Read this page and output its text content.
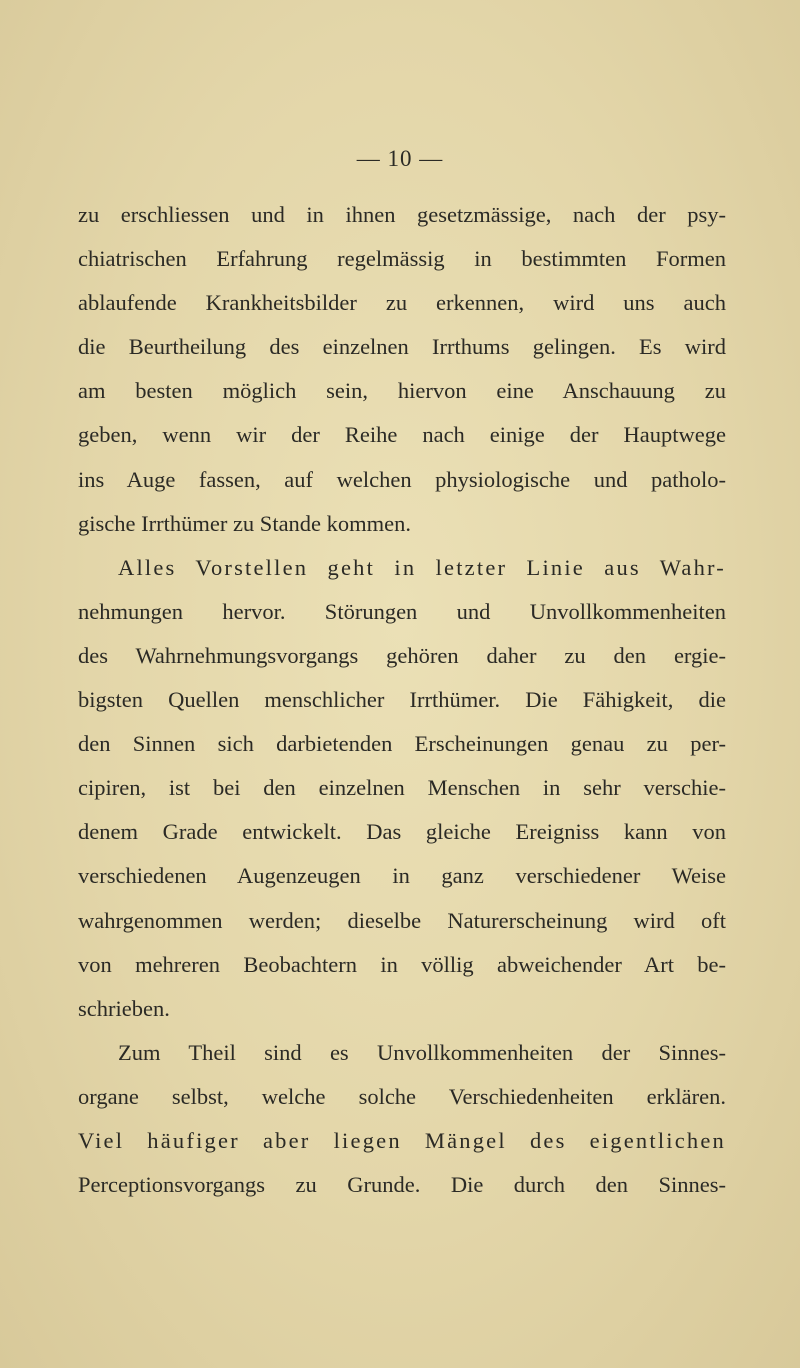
— 10 —
zu erschliessen und in ihnen gesetzmässige, nach der psy-
chiatrischen Erfahrung regelmässig in bestimmten Formen
ablaufende Krankheitsbilder zu erkennen, wird uns auch
die Beurtheilung des einzelnen Irrthums gelingen. Es wird
am besten möglich sein, hiervon eine Anschauung zu
geben, wenn wir der Reihe nach einige der Hauptwege
ins Auge fassen, auf welchen physiologische und patholo-
gische Irrthümer zu Stande kommen.
Alles Vorstellen geht in letzter Linie aus Wahr-
nehmungen hervor. Störungen und Unvollkommenheiten
des Wahrnehmungsvorgangs gehören daher zu den ergie-
bigsten Quellen menschlicher Irrthümer. Die Fähigkeit, die
den Sinnen sich darbietenden Erscheinungen genau zu per-
cipiren, ist bei den einzelnen Menschen in sehr verschie-
denem Grade entwickelt. Das gleiche Ereigniss kann von
verschiedenen Augenzeugen in ganz verschiedener Weise
wahrgenommen werden; dieselbe Naturerscheinung wird oft
von mehreren Beobachtern in völlig abweichender Art be-
schrieben.
Zum Theil sind es Unvollkommenheiten der Sinnes-
organe selbst, welche solche Verschiedenheiten erklären.
Viel häufiger aber liegen Mängel des eigentlichen
Perceptionsvorgangs zu Grunde. Die durch den Sinnes-
